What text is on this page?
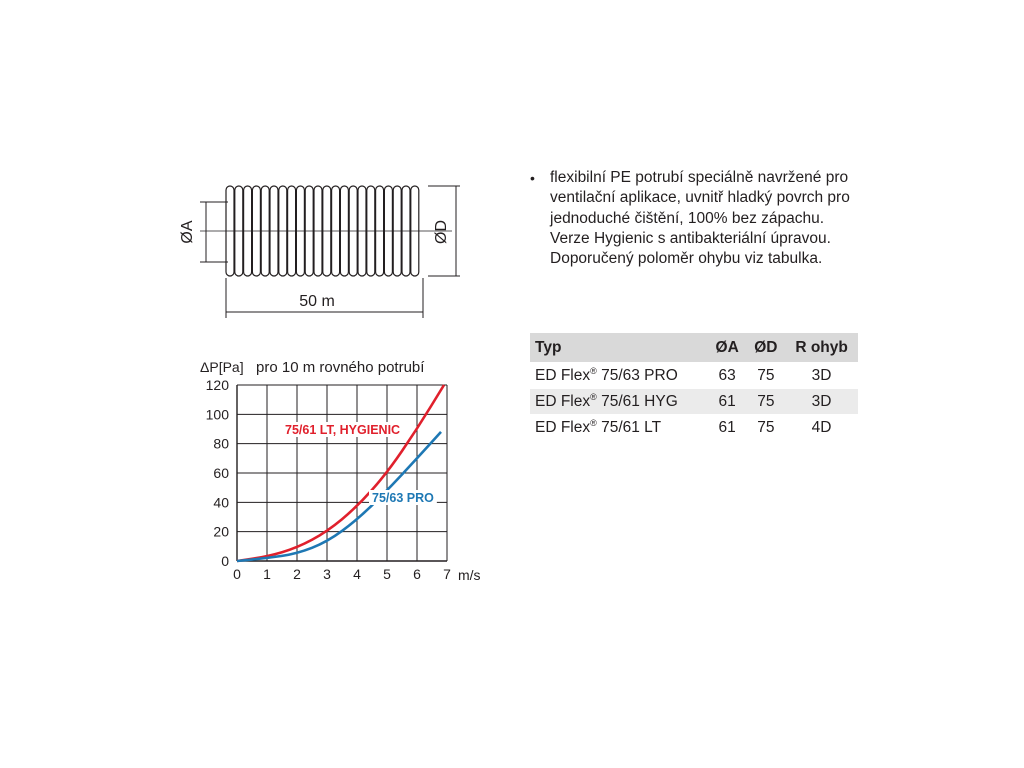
ØA	ØD
50 m
• flexibilní PE potrubí speciálně navržené pro ventilační aplikace, uvnitř hladký povrch pro jednoduché čištění, 100% bez zápachu. Verze Hygienic s antibakteriální úpravou. Doporučený poloměr ohybu viz tabulka.
Typ	ØA	ØD	R ohyb
ED Flex® 75/63 PRO	63	75	3D
ED Flex® 75/61 HYG	61	75	3D
ED Flex® 75/61 LT	61	75	4D
ΔP[Pa] pro 10 m rovného potrubí
0
20
40
60
80
100
120
0 1 2 3 4 5 6 7 m/s
75/61 LT, HYGIENIC
75/63 PRO
